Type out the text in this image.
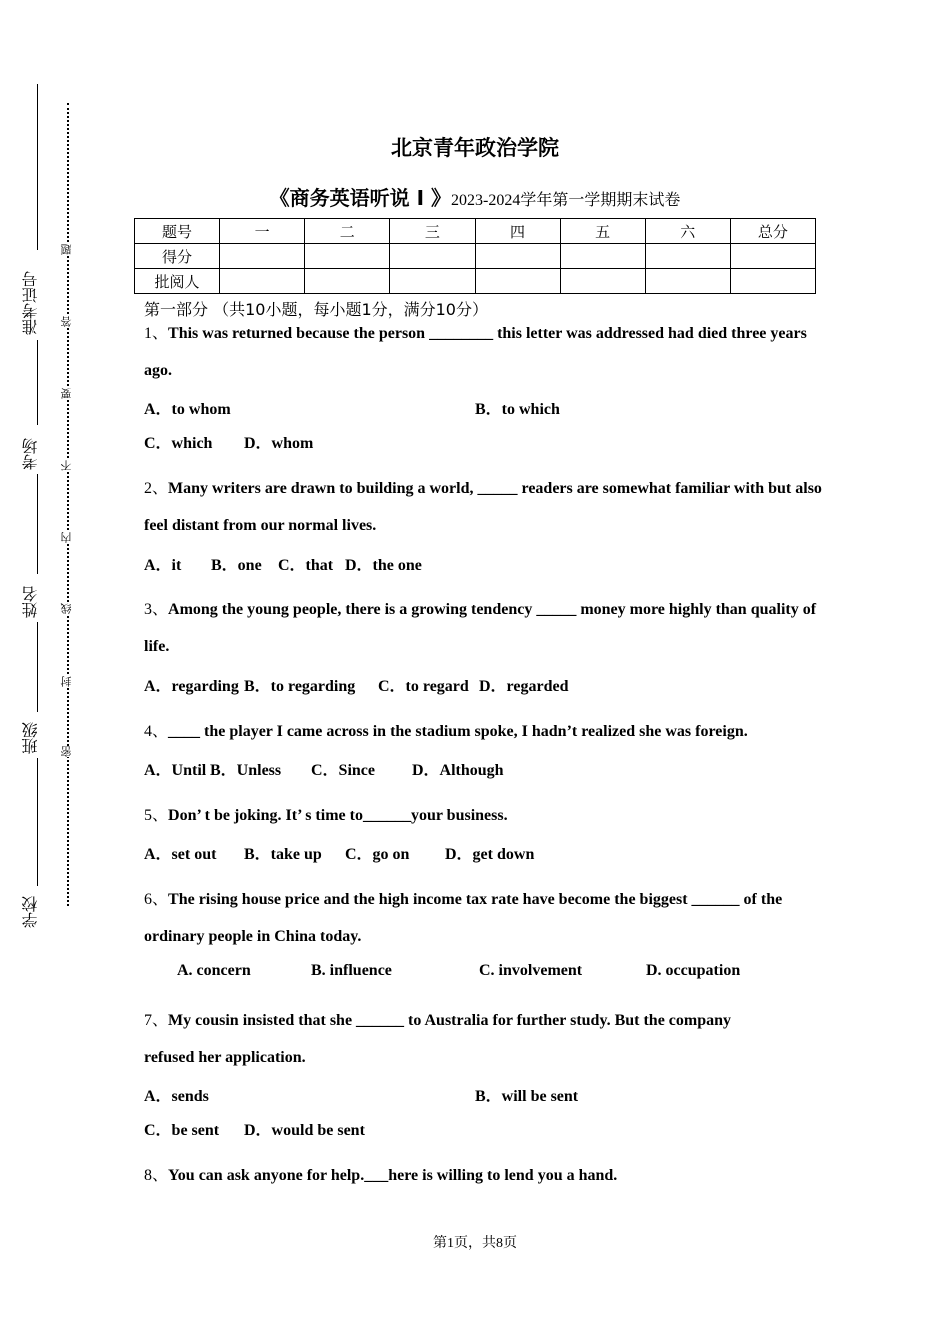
准考证号
考场
姓名
班级
学校
题
答
要
不
内
线
封
密
北京青年政治学院
《商务英语听说 I 》2023-2024学年第一学期期末试卷
题号	一	二	三	四	五	六	总分
得分							
批阅人							
第一部分 （共10小题，每小题1分，满分10分）
1、This was returned because the person ________ this letter was addressed had died three years ago.
A．to whom	B．to which
C．which D．whom
2、Many writers are drawn to building a world, _____ readers are somewhat familiar with but also feel distant from our normal lives.
A．it B．one C．that D．the one
3、Among the young people, there is a growing tendency _____ money more highly than quality of life.
A．regarding B．to regarding C．to regard D．regarded
4、____ the player I came across in the stadium spoke, I hadn’t realized she was foreign.
A．Until B．Unless C．Since D．Although
5、Don’ t be joking. It’ s time to______your business.
A．set out B．take up C．go on D．get down
6、The rising house price and the high income tax rate have become the biggest ______ of the ordinary people in China today.
A. concern	B. influence	C. involvement	D. occupation
7、My cousin insisted that she ______ to Australia for further study. But the company refused her application.
A．sends	B．will be sent
C．be sent D．would be sent
8、You can ask anyone for help.___here is willing to lend you a hand.
第1页，共8页
